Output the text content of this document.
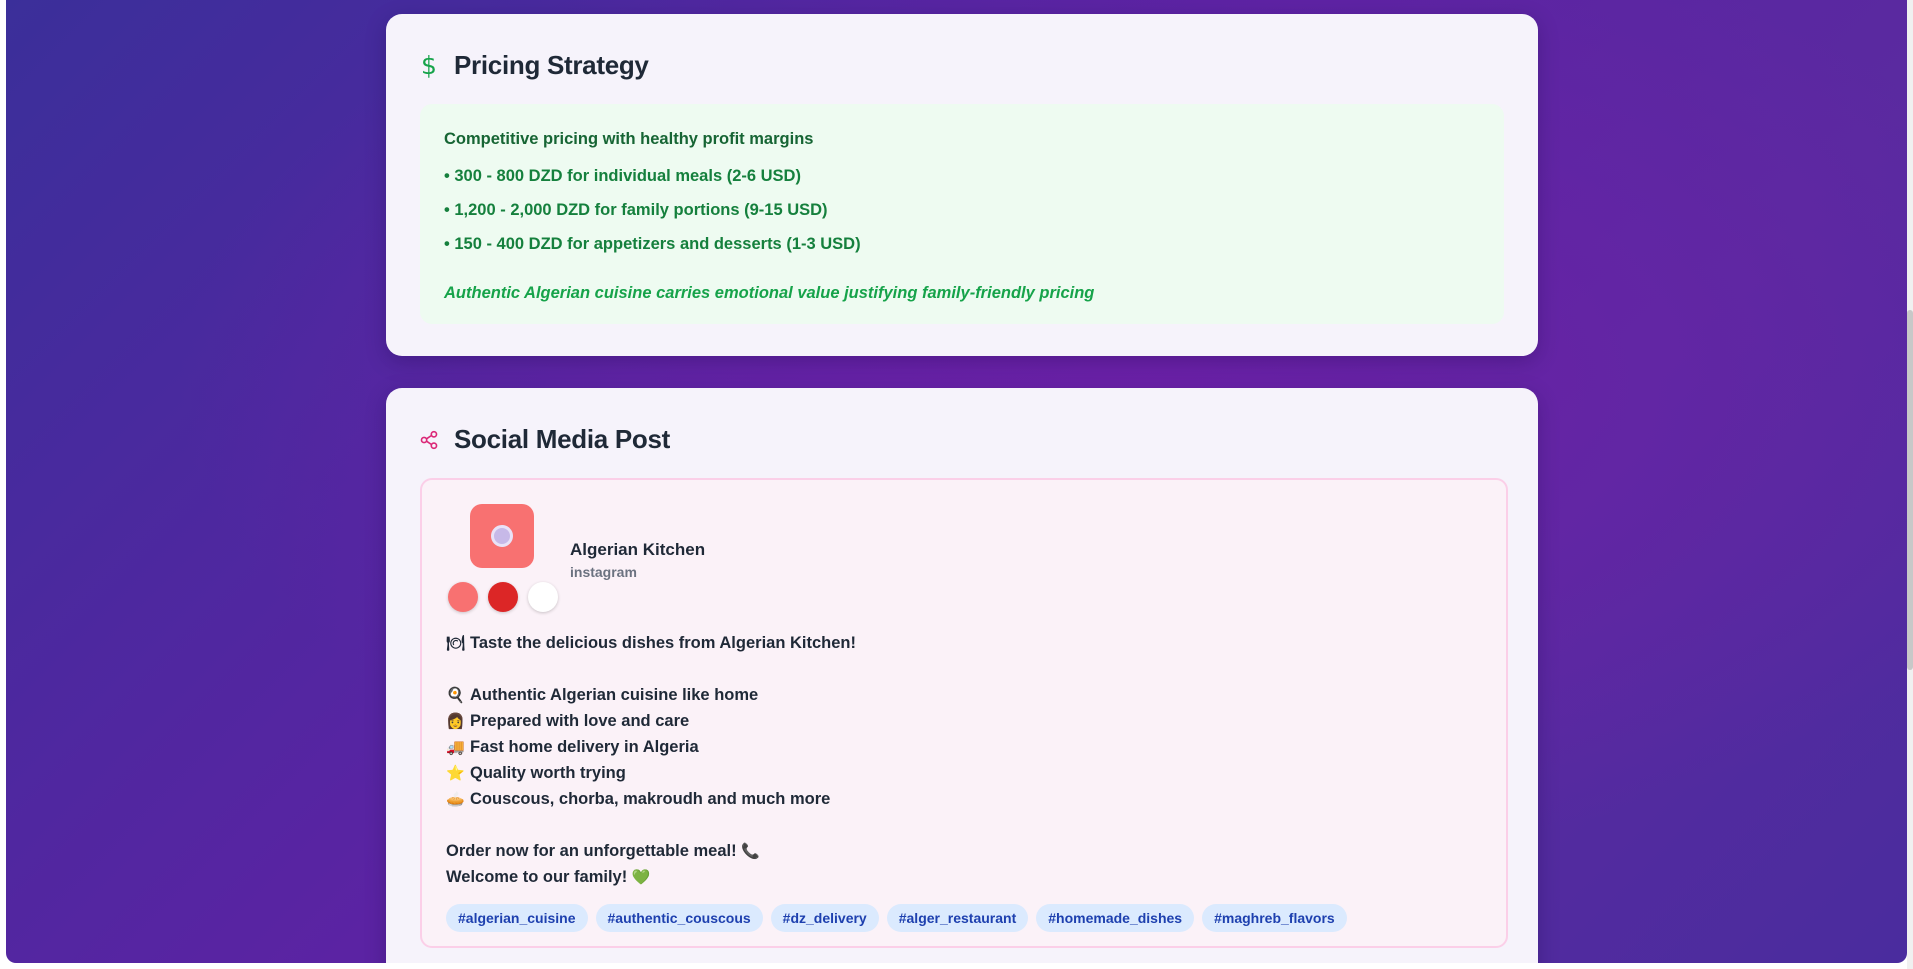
$ Pricing Strategy
Competitive pricing with healthy profit margins
• 300 - 800 DZD for individual meals (2-6 USD)
• 1,200 - 2,000 DZD for family portions (9-15 USD)
• 150 - 400 DZD for appetizers and desserts (1-3 USD)
Authentic Algerian cuisine carries emotional value justifying family-friendly pricing
Social Media Post
Algerian Kitchen
instagram
🍽 Taste the delicious dishes from Algerian Kitchen!
🍳 Authentic Algerian cuisine like home
👩 Prepared with love and care
🚚 Fast home delivery in Algeria
⭐ Quality worth trying
🥧 Couscous, chorba, makroudh and much more
Order now for an unforgettable meal! 📞
Welcome to our family! 💚
#algerian_cuisine	#authentic_couscous	#dz_delivery	#alger_restaurant	#homemade_dishes	#maghreb_flavors
